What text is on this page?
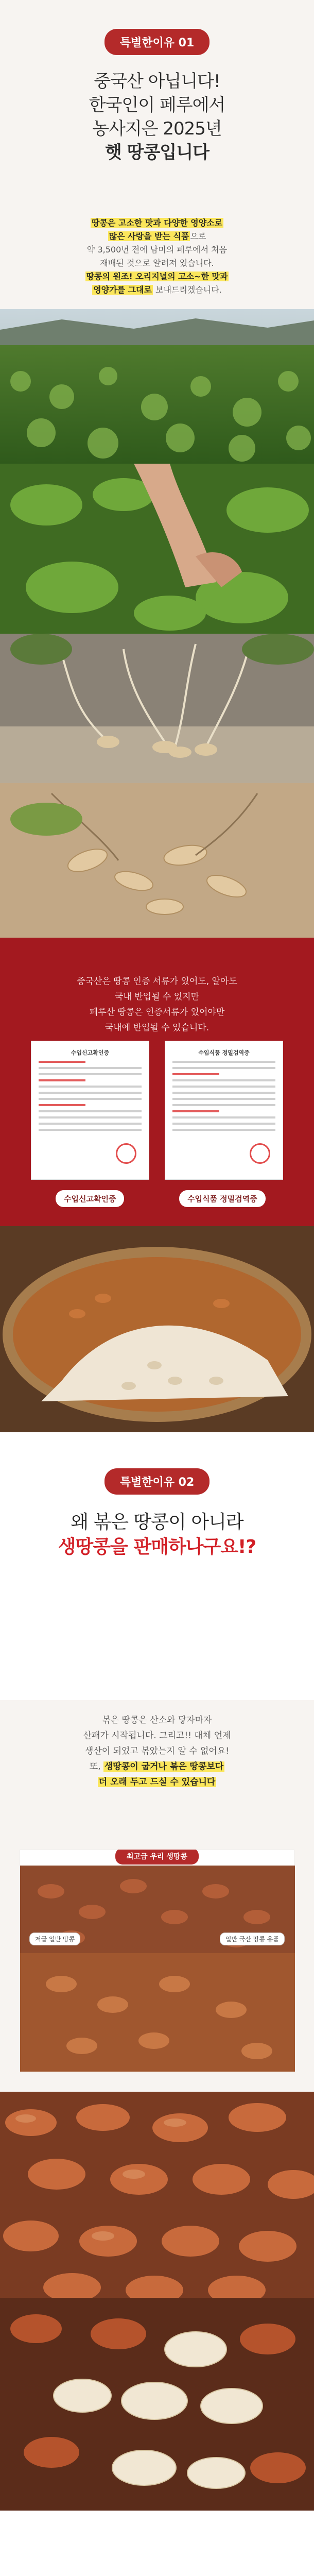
특별한이유 01
중국산 아닙니다!
한국인이 페루에서
농사지은 2025년
햇 땅콩입니다
땅콩은 고소한 맛과 다양한 영양소로
많은 사랑을 받는 식품 으로
약 3,500년 전에 남미의 페루에서 처음
재배된 것으로 알려져 있습니다.
땅콩의 원조! 오리지널의 고소~한 맛과
영양가를 그대로 보내드리겠습니다.

중국산은 땅콩 인증 서류가 있어도, 알아도

국내 반입될 수 있지만

페루산 땅콩은 인증서류가 있어야만

국내에 반입될 수 있습니다.

수입신고확인증	수입식품 정밀검역증
수입신고확인증	수입식품 정밀검역증
특별한이유 02
왜 볶은 땅콩이 아니라
생땅콩을 판매하나구요!?

볶은 땅콩은 산소와 닿자마자

산패가 시작됩니다. 그리고!! 대체 언제

생산이 되었고 볶았는지 알 수 없어요!

또, 생땅콩이 굽거나 볶은 땅콩보다

더 오래 두고 드실 수 있습니다

최고급 우리 생땅콩
저급 일반 땅콩	일반 국산 땅콩 용품
